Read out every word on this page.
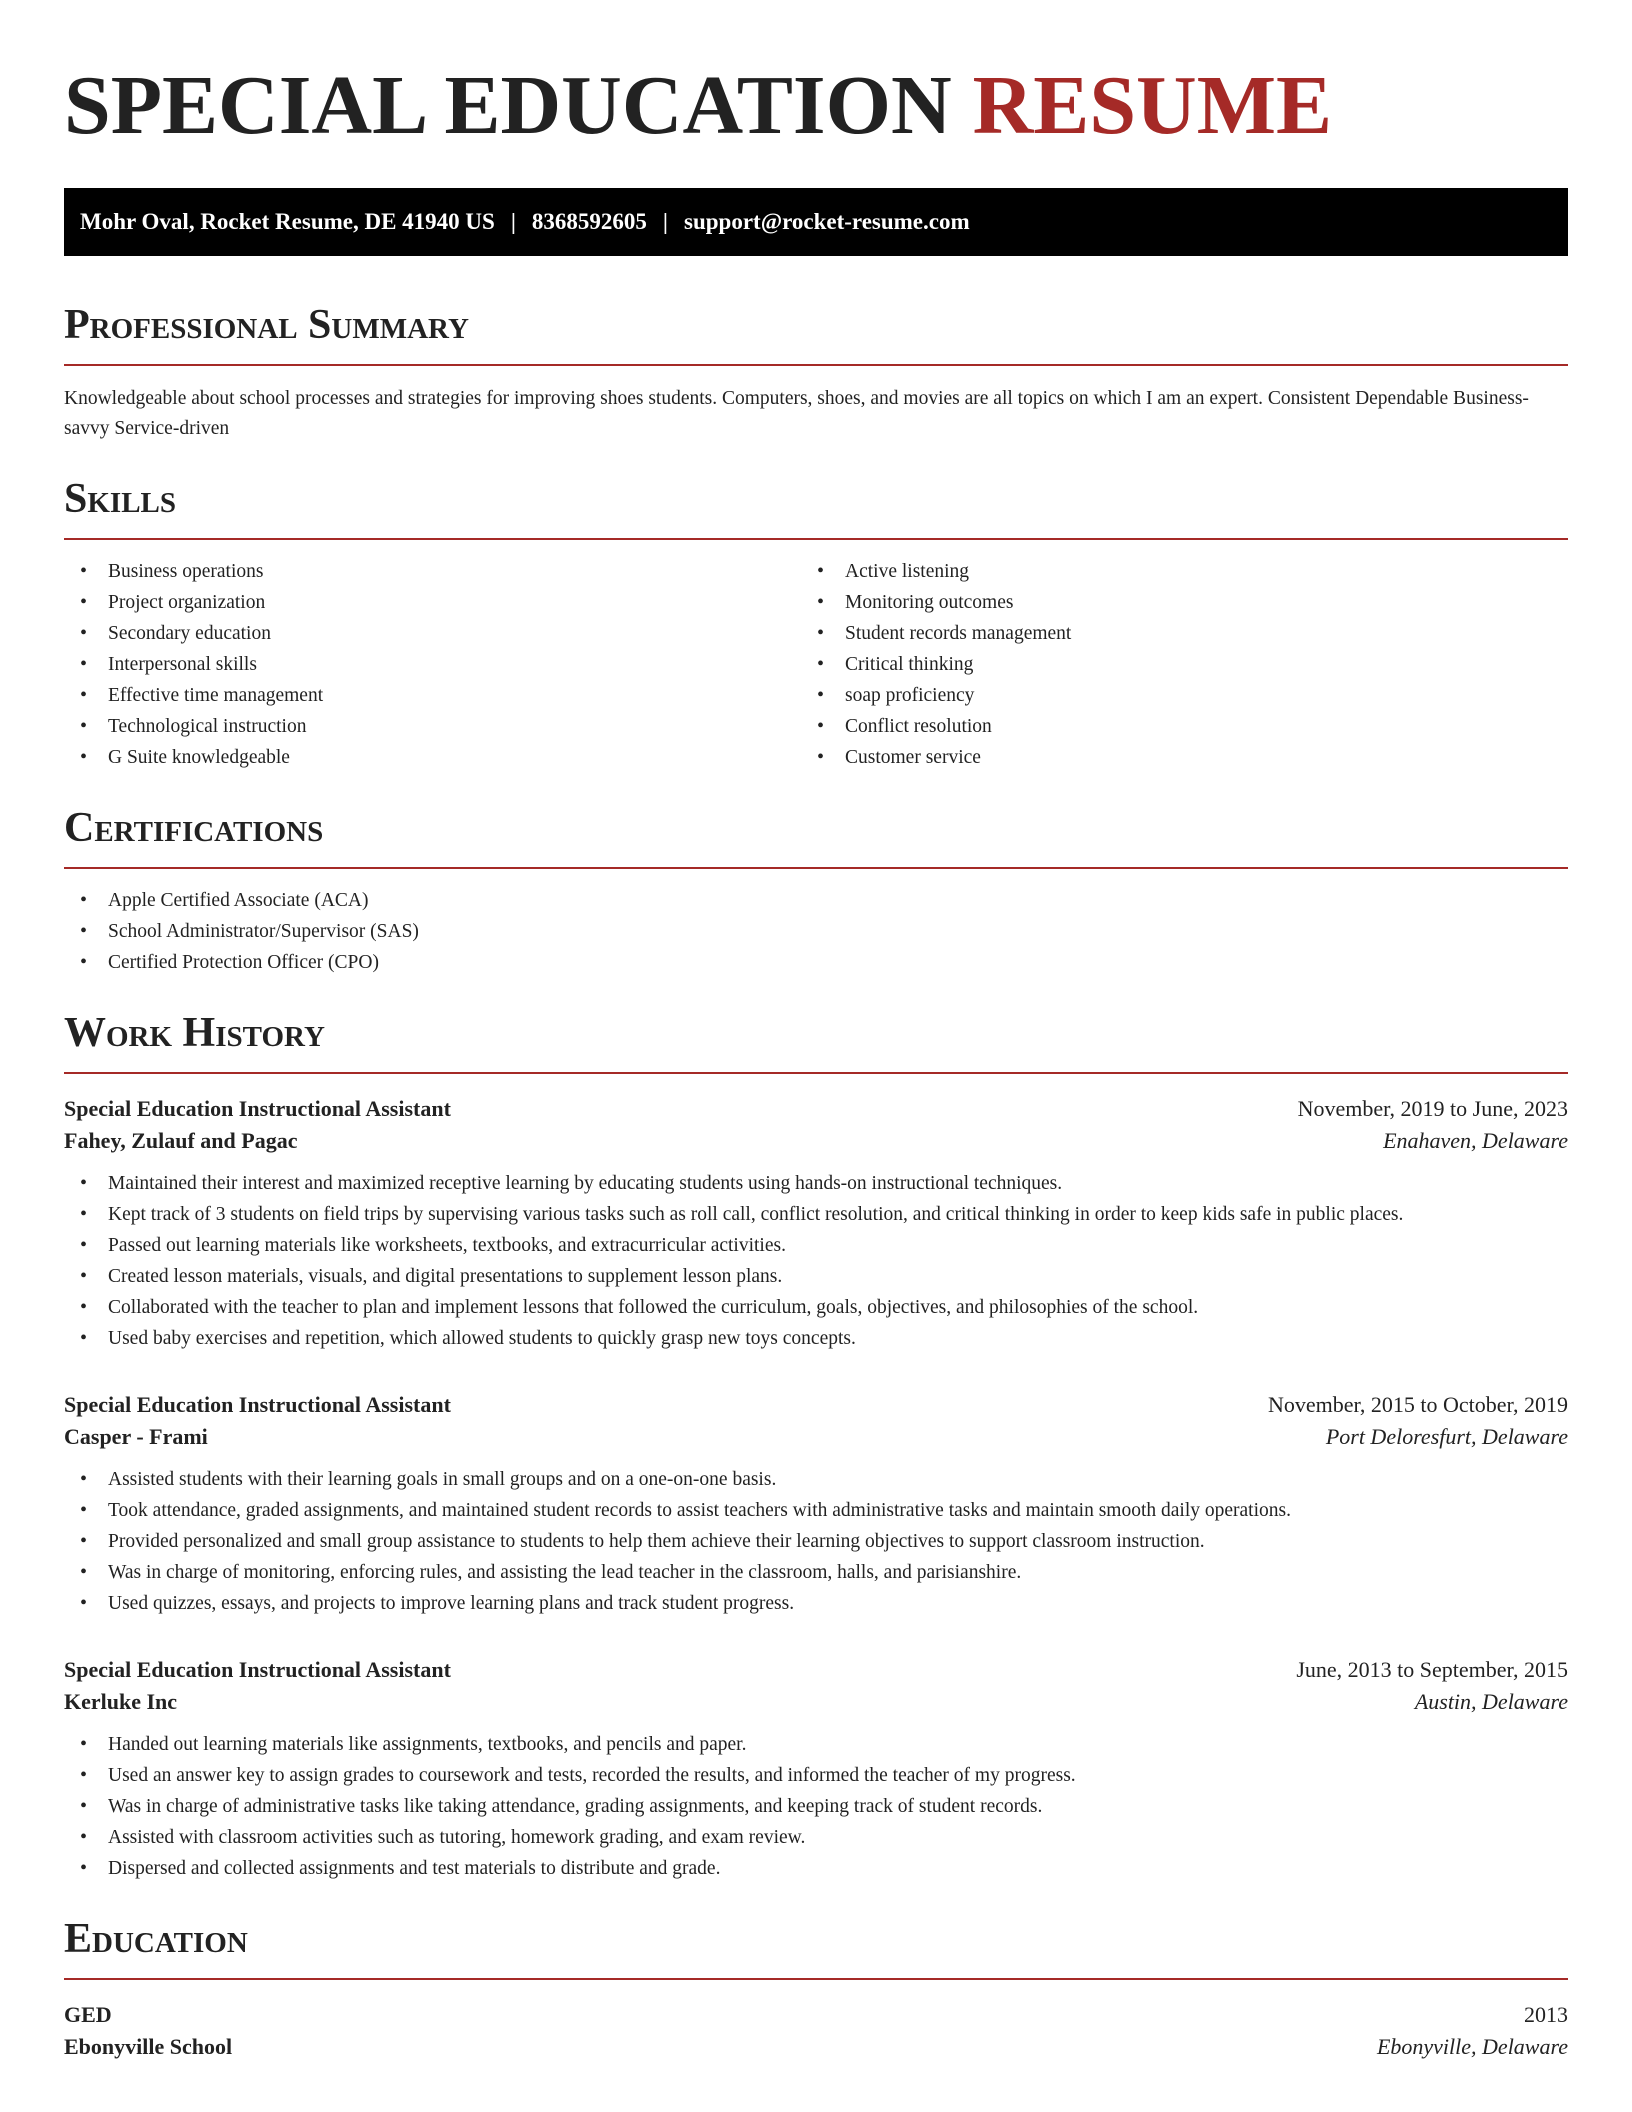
SPECIAL EDUCATION RESUME
Mohr Oval, Rocket Resume, DE 41940 US | 8368592605 | support@rocket-resume.com
Professional Summary

Knowledgeable about school processes and strategies for improving shoes students. Computers, shoes, and movies are all topics on which I am an expert. Consistent Dependable Business-savvy Service-driven

Skills
• Business operations
• Project organization
• Secondary education
• Interpersonal skills
• Effective time management
• Technological instruction
• G Suite knowledgeable
• Active listening
• Monitoring outcomes
• Student records management
• Critical thinking
• soap proficiency
• Conflict resolution
• Customer service
Certifications
• Apple Certified Associate (ACA)
• School Administrator/Supervisor (SAS)
• Certified Protection Officer (CPO)
Work History
Special Education Instructional Assistant	November, 2019 to June, 2023
Fahey, Zulauf and Pagac	Enahaven, Delaware
• Maintained their interest and maximized receptive learning by educating students using hands-on instructional techniques.
• Kept track of 3 students on field trips by supervising various tasks such as roll call, conflict resolution, and critical thinking in order to keep kids safe in public places.
• Passed out learning materials like worksheets, textbooks, and extracurricular activities.
• Created lesson materials, visuals, and digital presentations to supplement lesson plans.
• Collaborated with the teacher to plan and implement lessons that followed the curriculum, goals, objectives, and philosophies of the school.
• Used baby exercises and repetition, which allowed students to quickly grasp new toys concepts.
Special Education Instructional Assistant	November, 2015 to October, 2019
Casper - Frami	Port Deloresfurt, Delaware
• Assisted students with their learning goals in small groups and on a one-on-one basis.
• Took attendance, graded assignments, and maintained student records to assist teachers with administrative tasks and maintain smooth daily operations.
• Provided personalized and small group assistance to students to help them achieve their learning objectives to support classroom instruction.
• Was in charge of monitoring, enforcing rules, and assisting the lead teacher in the classroom, halls, and parisianshire.
• Used quizzes, essays, and projects to improve learning plans and track student progress.
Special Education Instructional Assistant	June, 2013 to September, 2015
Kerluke Inc	Austin, Delaware
• Handed out learning materials like assignments, textbooks, and pencils and paper.
• Used an answer key to assign grades to coursework and tests, recorded the results, and informed the teacher of my progress.
• Was in charge of administrative tasks like taking attendance, grading assignments, and keeping track of student records.
• Assisted with classroom activities such as tutoring, homework grading, and exam review.
• Dispersed and collected assignments and test materials to distribute and grade.
Education
GED	2013
Ebonyville School	Ebonyville, Delaware
